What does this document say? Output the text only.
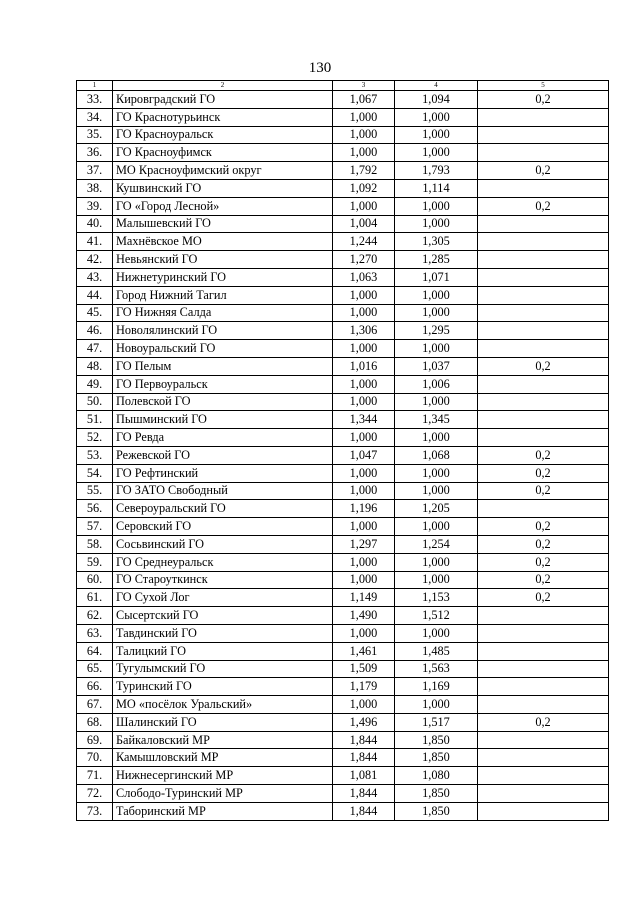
130
1	2	3	4	5
33.	Кировградский ГО	1,067	1,094	0,2
34.	ГО Краснотурьинск	1,000	1,000	
35.	ГО Красноуральск	1,000	1,000	
36.	ГО Красноуфимск	1,000	1,000	
37.	МО Красноуфимский округ	1,792	1,793	0,2
38.	Кушвинский ГО	1,092	1,114	
39.	ГО «Город Лесной»	1,000	1,000	0,2
40.	Малышевский ГО	1,004	1,000	
41.	Махнёвское МО	1,244	1,305	
42.	Невьянский ГО	1,270	1,285	
43.	Нижнетуринский ГО	1,063	1,071	
44.	Город Нижний Тагил	1,000	1,000	
45.	ГО Нижняя Салда	1,000	1,000	
46.	Новолялинский ГО	1,306	1,295	
47.	Новоуральский ГО	1,000	1,000	
48.	ГО Пелым	1,016	1,037	0,2
49.	ГО Первоуральск	1,000	1,006	
50.	Полевской ГО	1,000	1,000	
51.	Пышминский ГО	1,344	1,345	
52.	ГО Ревда	1,000	1,000	
53.	Режевской ГО	1,047	1,068	0,2
54.	ГО Рефтинский	1,000	1,000	0,2
55.	ГО ЗАТО Свободный	1,000	1,000	0,2
56.	Североуральский ГО	1,196	1,205	
57.	Серовский ГО	1,000	1,000	0,2
58.	Сосьвинский ГО	1,297	1,254	0,2
59.	ГО Среднеуральск	1,000	1,000	0,2
60.	ГО Староуткинск	1,000	1,000	0,2
61.	ГО Сухой Лог	1,149	1,153	0,2
62.	Сысертский ГО	1,490	1,512	
63.	Тавдинский ГО	1,000	1,000	
64.	Талицкий ГО	1,461	1,485	
65.	Тугулымский ГО	1,509	1,563	
66.	Туринский ГО	1,179	1,169	
67.	МО «посёлок Уральский»	1,000	1,000	
68.	Шалинский ГО	1,496	1,517	0,2
69.	Байкаловский МР	1,844	1,850	
70.	Камышловский МР	1,844	1,850	
71.	Нижнесергинский МР	1,081	1,080	
72.	Слободо-Туринский МР	1,844	1,850	
73.	Таборинский МР	1,844	1,850	
